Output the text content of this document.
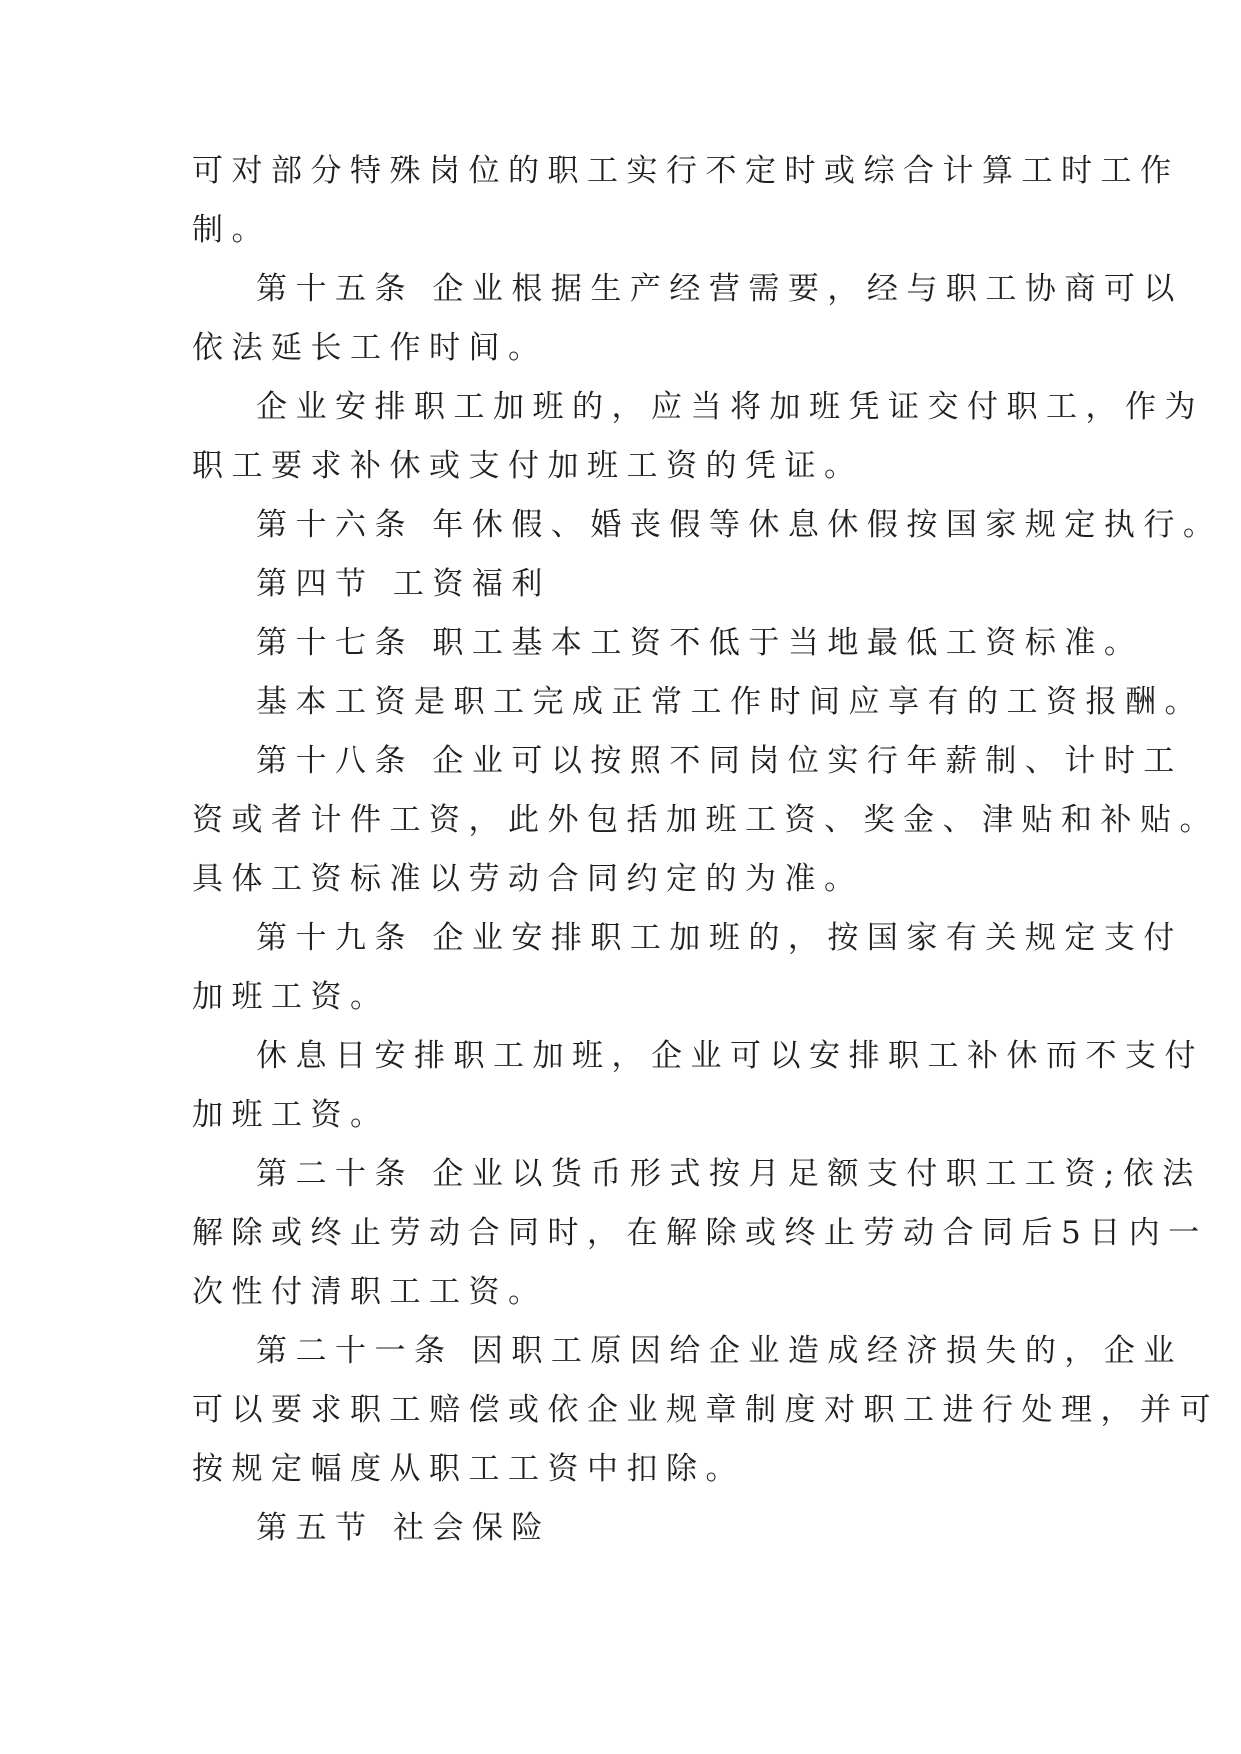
可对部分特殊岗位的职工实行不定时或综合计算工时工作
制。

第十五条 企业根据生产经营需要，经与职工协商可以
依法延长工作时间。

企业安排职工加班的，应当将加班凭证交付职工，作为
职工要求补休或支付加班工资的凭证。

第十六条 年休假、婚丧假等休息休假按国家规定执行。

第四节 工资福利

第十七条 职工基本工资不低于当地最低工资标准。

基本工资是职工完成正常工作时间应享有的工资报酬。

第十八条 企业可以按照不同岗位实行年薪制、计时工
资或者计件工资，此外包括加班工资、奖金、津贴和补贴。
具体工资标准以劳动合同约定的为准。

第十九条 企业安排职工加班的，按国家有关规定支付
加班工资。

休息日安排职工加班，企业可以安排职工补休而不支付
加班工资。

第二十条 企业以货币形式按月足额支付职工工资;依法
解除或终止劳动合同时，在解除或终止劳动合同后5日内一
次性付清职工工资。

第二十一条 因职工原因给企业造成经济损失的，企业
可以要求职工赔偿或依企业规章制度对职工进行处理，并可
按规定幅度从职工工资中扣除。

第五节 社会保险
